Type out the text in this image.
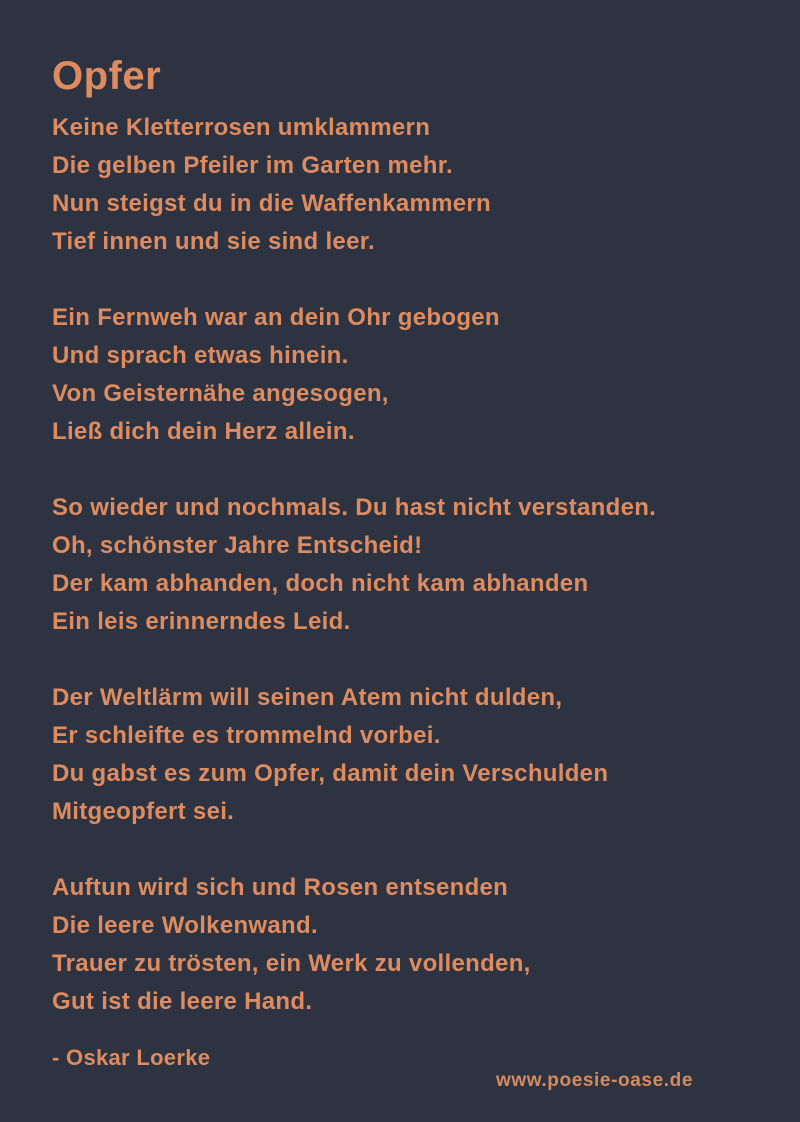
Opfer

Keine Kletterrosen umklammern
Die gelben Pfeiler im Garten mehr.
Nun steigst du in die Waffenkammern
Tief innen und sie sind leer.

Ein Fernweh war an dein Ohr gebogen
Und sprach etwas hinein.
Von Geisternähe angesogen,
Ließ dich dein Herz allein.

So wieder und nochmals. Du hast nicht verstanden.
Oh, schönster Jahre Entscheid!
Der kam abhanden, doch nicht kam abhanden
Ein leis erinnerndes Leid.

Der Weltlärm will seinen Atem nicht dulden,
Er schleifte es trommelnd vorbei.
Du gabst es zum Opfer, damit dein Verschulden
Mitgeopfert sei.

Auftun wird sich und Rosen entsenden
Die leere Wolkenwand.
Trauer zu trösten, ein Werk zu vollenden,
Gut ist die leere Hand.

- Oskar Loerke
www.poesie-oase.de
